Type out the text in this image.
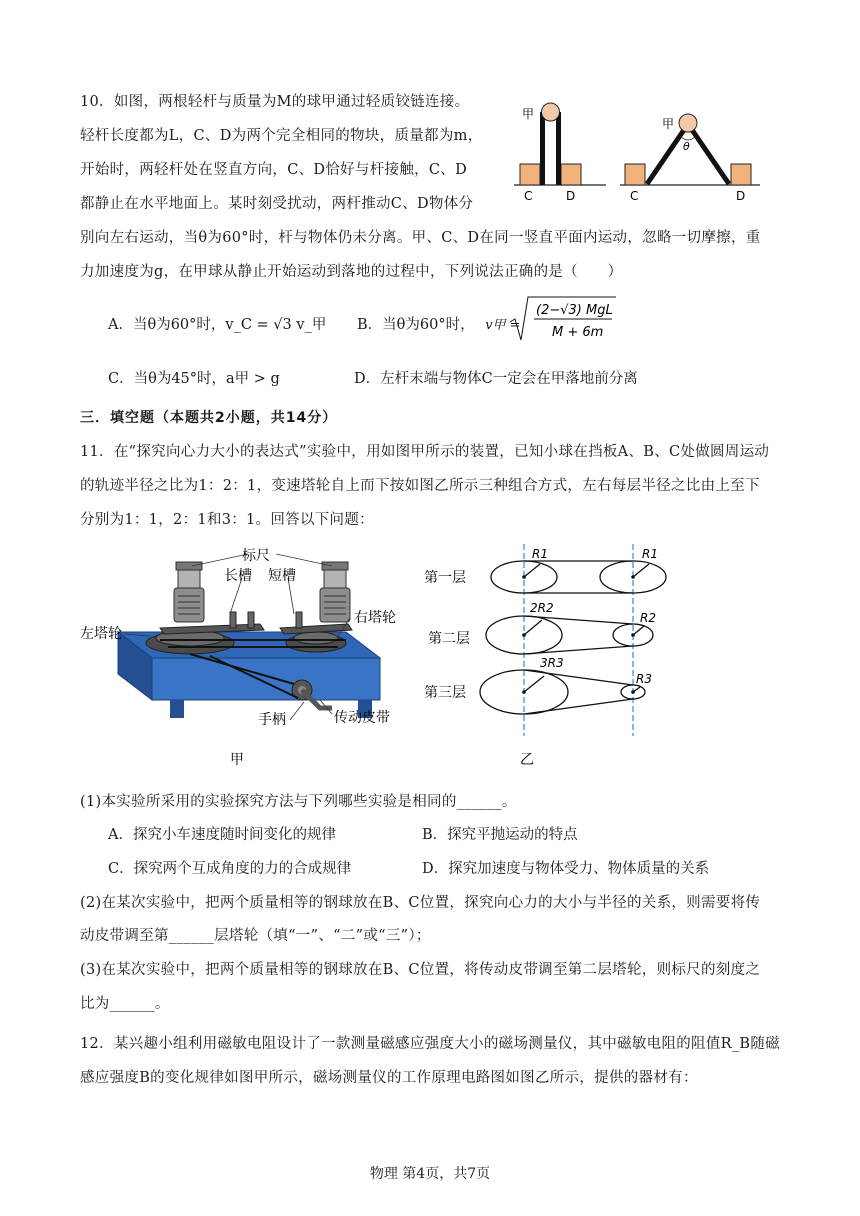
10．如图，两根轻杆与质量为M的球甲通过轻质铰链连接。
轻杆长度都为L，C、D为两个完全相同的物块，质量都为m，
开始时，两轻杆处在竖直方向，C、D恰好与杆接触，C、D
都静止在水平地面上。某时刻受扰动，两杆推动C、D物体分
别向左右运动，当θ为60°时，杆与物体仍未分离。甲、C、D在同一竖直平面内运动，忽略一切摩擦，重
力加速度为g，在甲球从静止开始运动到落地的过程中，下列说法正确的是（　　）
甲
C	D
甲
θ
C	D
A．当θ为60°时，v_C = √3 v_甲 B．当θ为60°时， v甲 =
(2−√3) MgL
M + 6m
C．当θ为45°时，a甲 > g	D．左杆末端与物体C一定会在甲落地前分离
三．填空题（本题共2小题，共14分）
11．在“探究向心力大小的表达式”实验中，用如图甲所示的装置，已知小球在挡板A、B、C处做圆周运动
的轨迹半径之比为1：2：1，变速塔轮自上而下按如图乙所示三种组合方式，左右每层半径之比由上至下
分别为1：1，2：1和3：1。回答以下问题：
标尺
长槽 短槽
左塔轮
右塔轮
手柄	传动皮带
A B	C
甲
第一层
第二层
第三层
R1	R1
2R2
R2
3R3
R3
乙
(1)本实验所采用的实验探究方法与下列哪些实验是相同的______。
A．探究小车速度随时间变化的规律	B．探究平抛运动的特点
C．探究两个互成角度的力的合成规律	D．探究加速度与物体受力、物体质量的关系
(2)在某次实验中，把两个质量相等的钢球放在B、C位置，探究向心力的大小与半径的关系，则需要将传
动皮带调至第______层塔轮（填“一”、“二”或“三”）；
(3)在某次实验中，把两个质量相等的钢球放在B、C位置，将传动皮带调至第二层塔轮，则标尺的刻度之
比为______。
12．某兴趣小组利用磁敏电阻设计了一款测量磁感应强度大小的磁场测量仪，其中磁敏电阻的阻值R_B随磁
感应强度B的变化规律如图甲所示，磁场测量仪的工作原理电路图如图乙所示，提供的器材有：
物理 第4页，共7页
